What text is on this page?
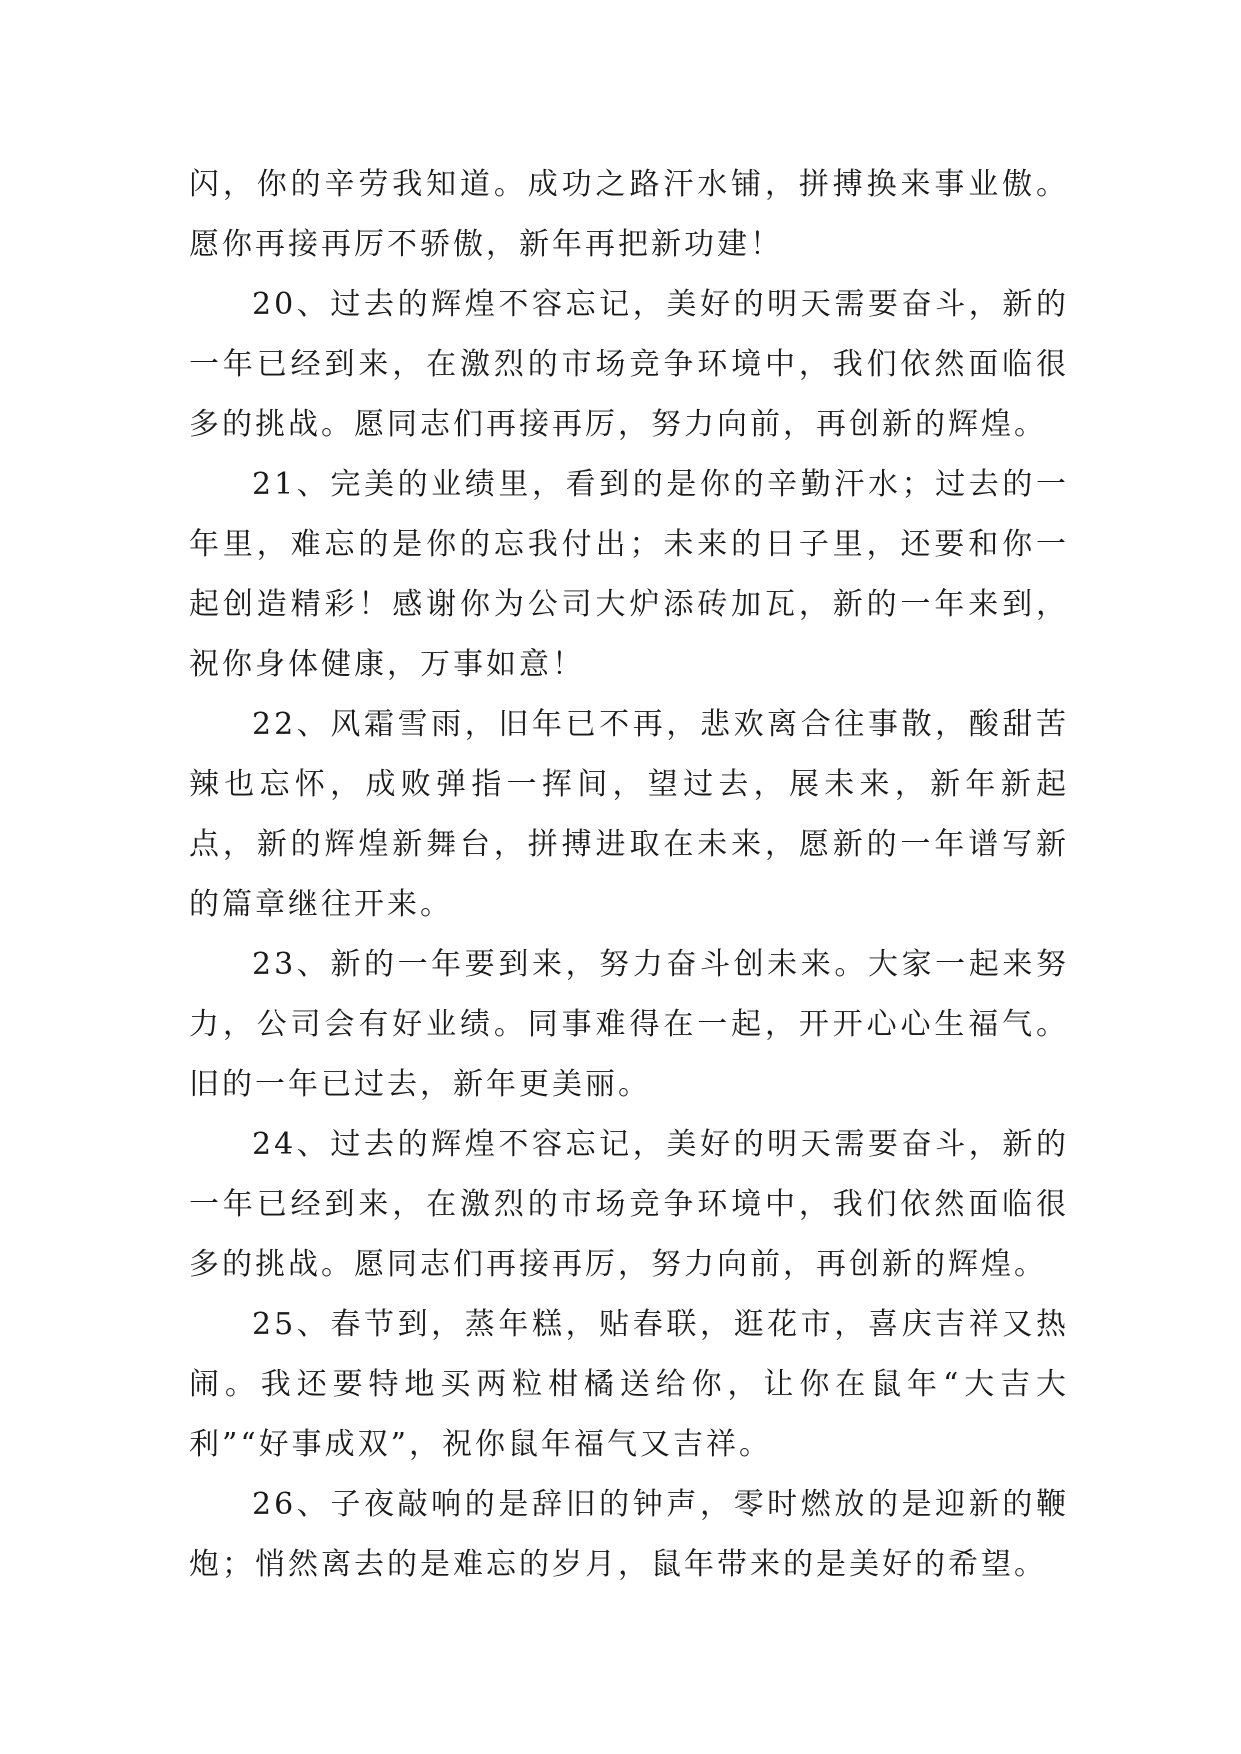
闪，你的辛劳我知道。成功之路汗水铺，拼搏换来事业傲。愿你再接再厉不骄傲，新年再把新功建！

20、过去的辉煌不容忘记，美好的明天需要奋斗，新的一年已经到来，在激烈的市场竞争环境中，我们依然面临很多的挑战。愿同志们再接再厉，努力向前，再创新的辉煌。

21、完美的业绩里，看到的是你的辛勤汗水；过去的一年里，难忘的是你的忘我付出；未来的日子里，还要和你一起创造精彩！感谢你为公司大炉添砖加瓦，新的一年来到，祝你身体健康，万事如意！

22、风霜雪雨，旧年已不再，悲欢离合往事散，酸甜苦辣也忘怀，成败弹指一挥间，望过去，展未来，新年新起点，新的辉煌新舞台，拼搏进取在未来，愿新的一年谱写新的篇章继往开来。

23、新的一年要到来，努力奋斗创未来。大家一起来努力，公司会有好业绩。同事难得在一起，开开心心生福气。旧的一年已过去，新年更美丽。

24、过去的辉煌不容忘记，美好的明天需要奋斗，新的一年已经到来，在激烈的市场竞争环境中，我们依然面临很多的挑战。愿同志们再接再厉，努力向前，再创新的辉煌。

25、春节到，蒸年糕，贴春联，逛花市，喜庆吉祥又热闹。我还要特地买两粒柑橘送给你，让你在鼠年“大吉大利”“好事成双”，祝你鼠年福气又吉祥。

26、子夜敲响的是辞旧的钟声，零时燃放的是迎新的鞭炮；悄然离去的是难忘的岁月，鼠年带来的是美好的希望。
